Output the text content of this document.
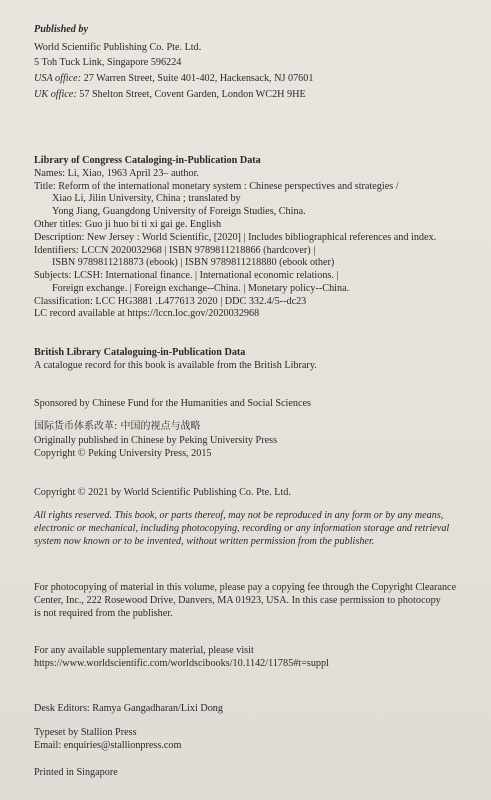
Published by
World Scientific Publishing Co. Pte. Ltd.
5 Toh Tuck Link, Singapore 596224
USA office: 27 Warren Street, Suite 401-402, Hackensack, NJ 07601
UK office: 57 Shelton Street, Covent Garden, London WC2H 9HE
Library of Congress Cataloging-in-Publication Data
Names: Li, Xiao, 1963 April 23– author.
Title: Reform of the international monetary system : Chinese perspectives and strategies /
Xiao Li, Jilin University, China ; translated by
Yong Jiang, Guangdong University of Foreign Studies, China.
Other titles: Guo ji huo bi ti xi gai ge. English
Description: New Jersey : World Scientific, [2020] | Includes bibliographical references and index.
Identifiers: LCCN 2020032968 | ISBN 9789811218866 (hardcover) |
ISBN 9789811218873 (ebook) | ISBN 9789811218880 (ebook other)
Subjects: LCSH: International finance. | International economic relations. |
Foreign exchange. | Foreign exchange--China. | Monetary policy--China.
Classification: LCC HG3881 .L477613 2020 | DDC 332.4/5--dc23
LC record available at https://lccn.loc.gov/2020032968
British Library Cataloguing-in-Publication Data
A catalogue record for this book is available from the British Library.
Sponsored by Chinese Fund for the Humanities and Social Sciences
国际货币体系改革: 中国的视点与战略
Originally published in Chinese by Peking University Press
Copyright © Peking University Press, 2015
Copyright © 2021 by World Scientific Publishing Co. Pte. Ltd.
All rights reserved. This book, or parts thereof, may not be reproduced in any form or by any means,
electronic or mechanical, including photocopying, recording or any information storage and retrieval
system now known or to be invented, without written permission from the publisher.
For photocopying of material in this volume, please pay a copying fee through the Copyright Clearance
Center, Inc., 222 Rosewood Drive, Danvers, MA 01923, USA. In this case permission to photocopy
is not required from the publisher.
For any available supplementary material, please visit
https://www.worldscientific.com/worldscibooks/10.1142/11785#t=suppl
Desk Editors: Ramya Gangadharan/Lixi Dong
Typeset by Stallion Press
Email: enquiries@stallionpress.com
Printed in Singapore
